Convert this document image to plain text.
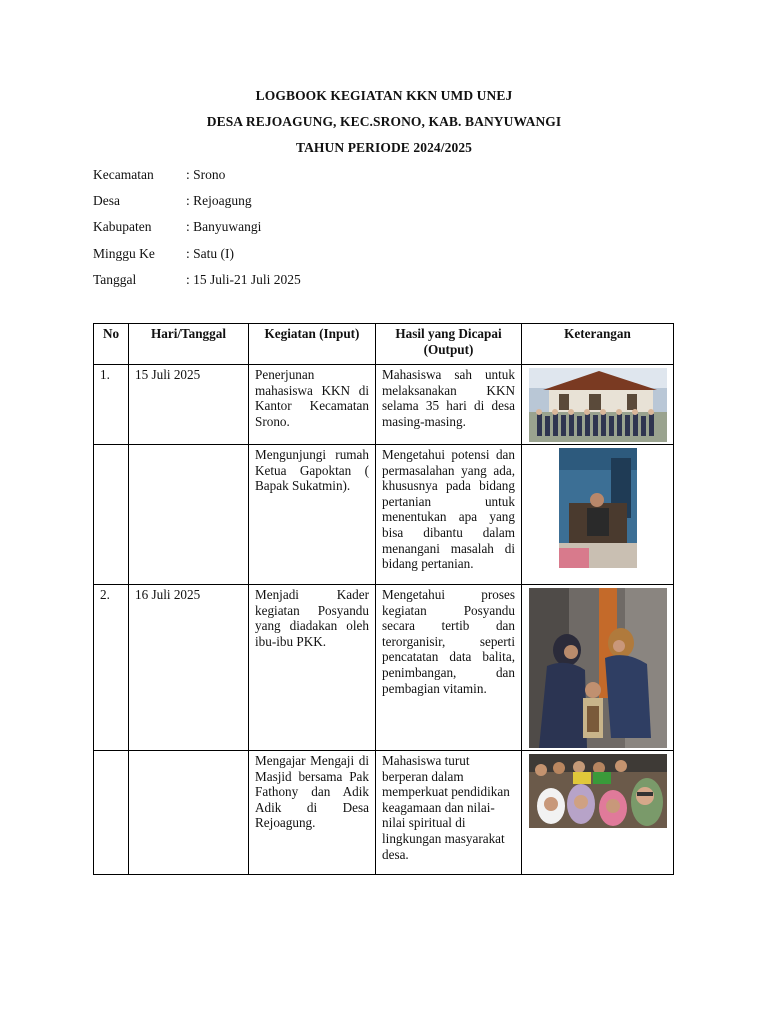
LOGBOOK KEGIATAN KKN UMD UNEJ
DESA REJOAGUNG, KEC.SRONO, KAB. BANYUWANGI
TAHUN PERIODE 2024/2025
Kecamatan	: Srono
Desa	: Rejoagung
Kabupaten	: Banyuwangi
Minggu Ke	: Satu (I)
Tanggal	: 15 Juli-21 Juli 2025
No	Hari/Tanggal	Kegiatan (Input)	Hasil yang Dicapai (Output)	Keterangan
1.	15 Juli 2025	Penerjunan mahasiswa KKN di Kantor Kecamatan Srono.	Mahasiswa sah untuk melaksanakan KKN selama 35 hari di desa masing-masing.	

		Mengunjungi rumah Ketua Gapoktan ( Bapak Sukatmin).	Mengetahui potensi dan permasalahan yang ada, khususnya pada bidang pertanian untuk menentukan apa yang bisa dibantu dalam menangani masalah di bidang pertanian.	

2.	16 Juli 2025	Menjadi Kader kegiatan Posyandu yang diadakan oleh ibu-ibu PKK.	Mengetahui proses kegiatan Posyandu secara tertib dan terorganisir, seperti pencatatan data balita, penimbangan, dan pembagian vitamin.	

		Mengajar Mengaji di Masjid bersama Pak Fathony dan Adik Adik di Desa Rejoagung.	Mahasiswa turut berperan dalam memperkuat pendidikan keagamaan dan nilai-nilai spiritual di lingkungan masyarakat desa.	
